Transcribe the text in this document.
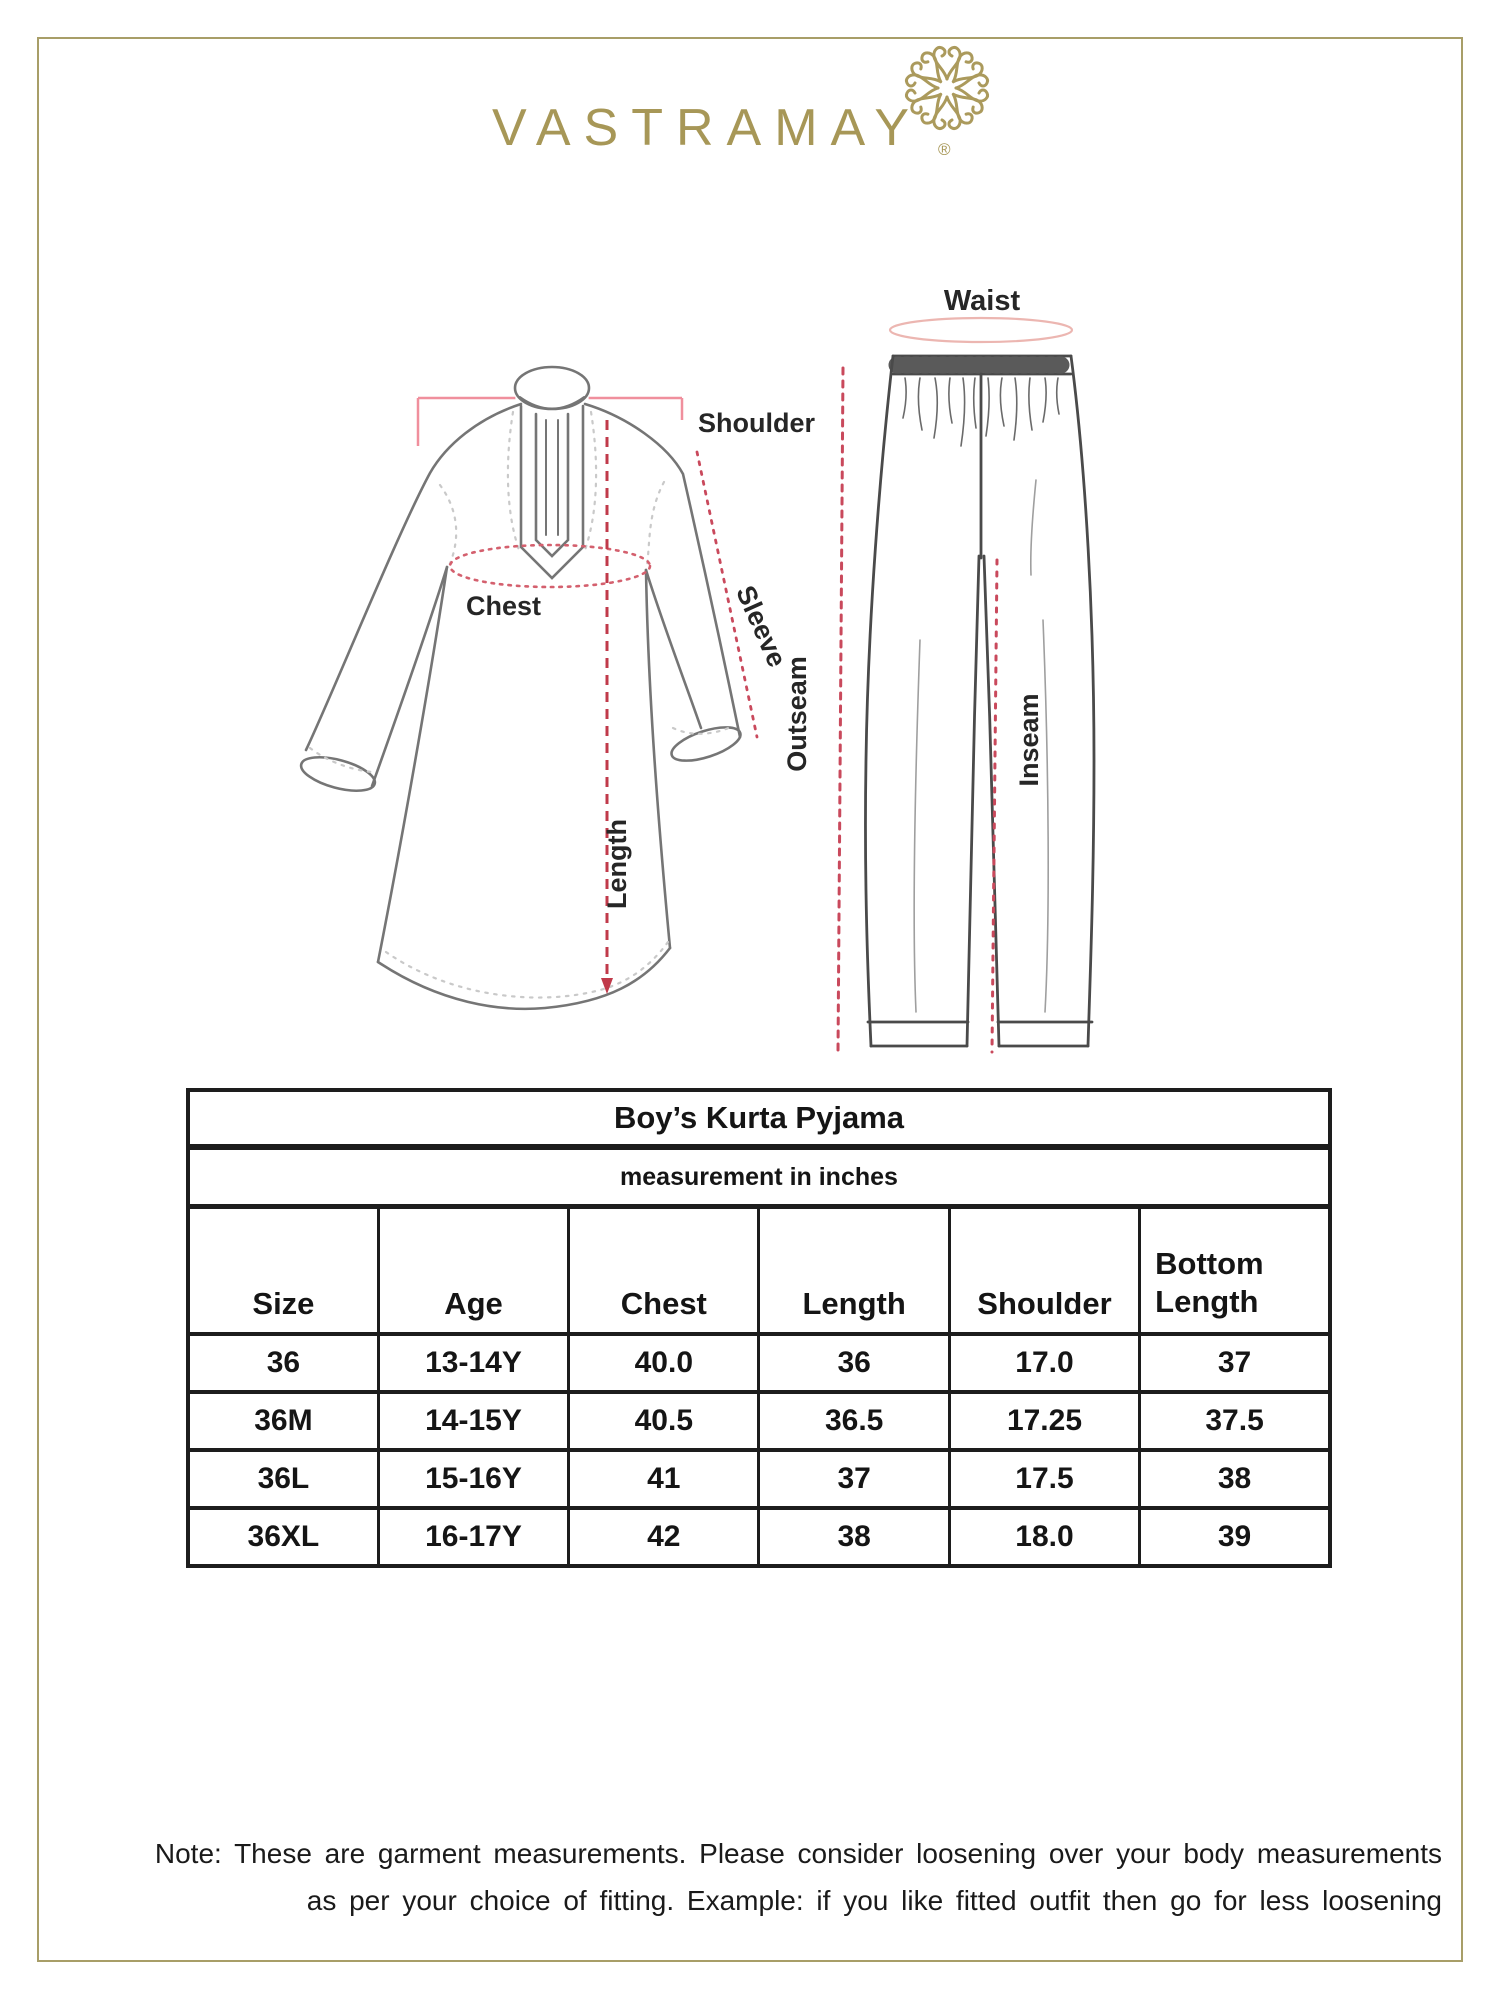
VASTRAMAY ®
Shoulder
Chest	Sleeve
Length
Waist
Outseam	Inseam
Boy’s Kurta Pyjama					
measurement in inches					
Size	Age	Chest	Length	Shoulder	Bottom Length
36	13-14Y	40.0	36	17.0	37
36M	14-15Y	40.5	36.5	17.25	37.5
36L	15-16Y	41	37	17.5	38
36XL	16-17Y	42	38	18.0	39

Note: These are garment measurements. Please consider loosening over your body measurements
as per your choice of fitting. Example: if you like fitted outfit then go for less loosening
